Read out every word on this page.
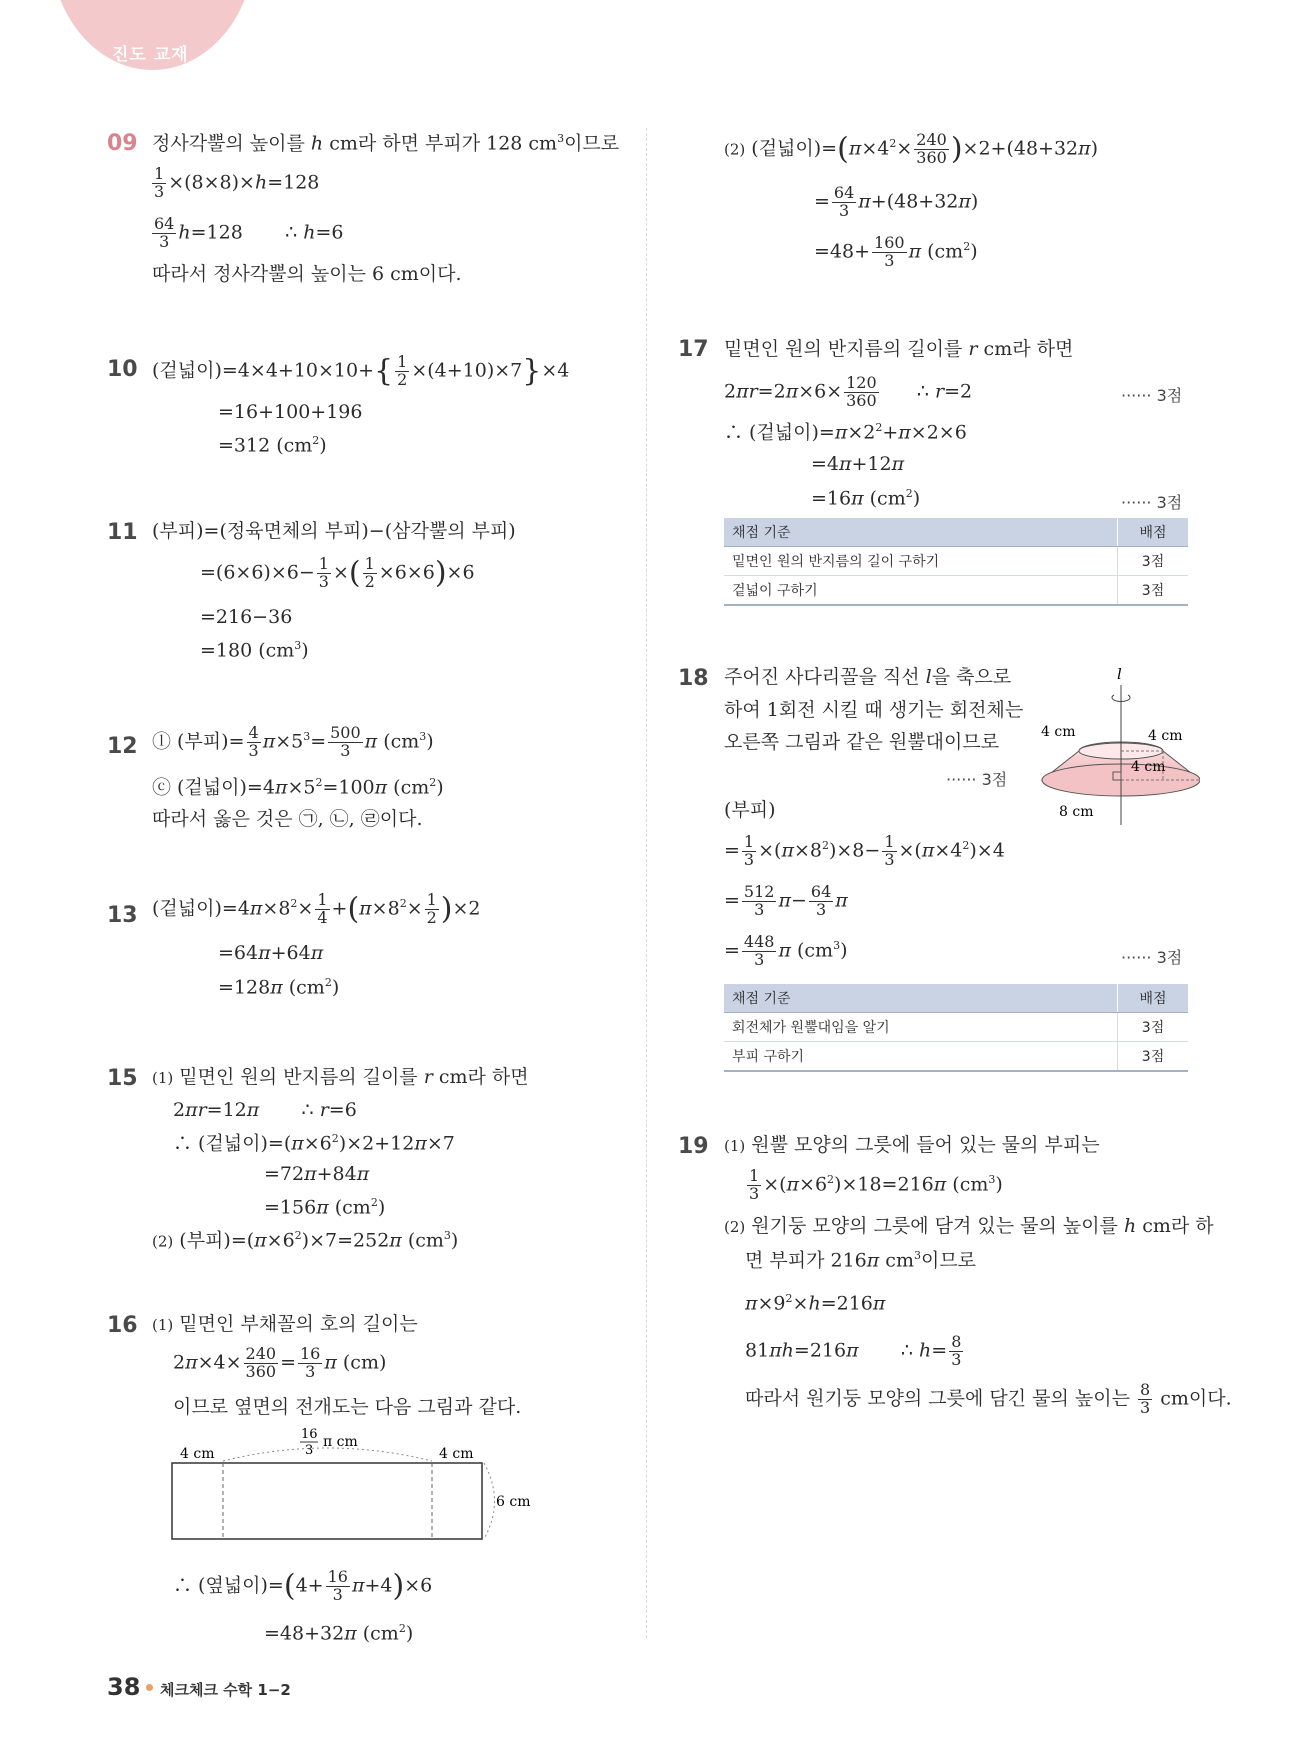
진도 교재
09 정사각뿔의 높이를 h cm라 하면 부피가 128 $cm^3$이므로
$\frac{1}{3} \times(8\times 8)\times h=128$
$\frac{64}{3} h=128$       ∴ h=6
따라서 정사각뿔의 높이는 6 cm이다.
10 (겉넓이)$=4\times 4+10\times 10+\{ \frac{1}{2} \times(4+10)\times 7\}\times 4$
=16+100+196
=312 $(cm^2)$
11 (부피)=(정육면체의 부피)−(삼각뿔의 부피)
$=(6\times 6)\times 6- \frac{1}{3}$ ×( $\frac{1}{2} \times 6\times 6)\times 6$
=216−36
=180 $(cm^3)$
12 ⓛ (부피)= $\frac{4}{3} \pi\times 5^3= \frac{500}{3}$ π $(cm^3)$
ⓒ (겉넓이)$=4\pi\times 5^2=100\pi$ $(cm^2)$
따라서 옳은 것은 ㉠, ㉡, ㉣이다.
13 (겉넓이)$=4\pi\times 8^2\times \frac{1}{4} +(\pi\times 8^2\times \frac{1}{2} )\times 2$
=64π+64π
=128π $(cm^2)$
15 (1) 밑면인 원의 반지름의 길이를 r cm라 하면
2πr=12π       ∴ r=6
∴ (겉넓이)$=(\pi\times 6^2)\times 2+12\pi\times 7$
=72π+84π
=156π $(cm^2)$
(2) (부피)$=(\pi\times 6^2)\times 7=252\pi$ $(cm^3)$
16 (1) 밑면인 부채꼴의 호의 길이는
$2\pi\times 4\times \frac{240}{360} = \frac{16}{3}$ π (cm)
이므로 옆면의 전개도는 다음 그림과 같다.
4 cm	4 cm
6 cm
16
3
π cm
∴ (옆넓이)$=(4+ \frac{16}{3} \pi+4)\times 6$
=48+32π $(cm^2)$
(2) (겉넓이)$=(\pi\times 4^2\times \frac{240}{360} )\times 2+(48+32\pi)$
= $\frac{64}{3} \pi+(48+32\pi)$
$=48+ \frac{160}{3}$ π $(cm^2)$
17 밑면인 원의 반지름의 길이를 r cm라 하면
$2\pi r=2\pi\times 6\times \frac{120}{360}$ ∴ r=2	······ 3점
∴ (겉넓이)$=\pi\times 2^2+\pi\times 2\times 6$
=4π+12π
=16π $(cm^2)$	······ 3점
채점 기준	배점
밑면인 원의 반지름의 길이 구하기	3점
겉넓이 구하기	3점
18 주어진 사다리꼴을 직선 l을 축으로
하여 1회전 시킬 때 생기는 회전체는
오른쪽 그림과 같은 원뿔대이므로
······ 3점
l
4 cm	4 cm
4 cm
8 cm
(부피)
= $\frac{1}{3} \times(\pi\times 8^2)\times 8- \frac{1}{3} \times(\pi\times 4^2)\times 4$
= $\frac{512}{3} \pi- \frac{64}{3}$ π
= $\frac{448}{3}$ π $(cm^3)$	······ 3점
채점 기준	배점
회전체가 원뿔대임을 알기	3점
부피 구하기	3점
19 (1) 원뿔 모양의 그릇에 들어 있는 물의 부피는
$\frac{1}{3} \times(\pi\times 6^2)\times 18=216\pi$ $(cm^3)$
(2) 원기둥 모양의 그릇에 담겨 있는 물의 높이를 h cm라 하
면 부피가 216π $cm^3$이므로
$\pi\times 9^2\times h=216\pi$
81πh=216π       ∴ $h= \frac{8}{3}$
따라서 원기둥 모양의 그릇에 담긴 물의 높이는 $\frac{8}{3}$ cm이다.
38 체크체크 수학 1−2
